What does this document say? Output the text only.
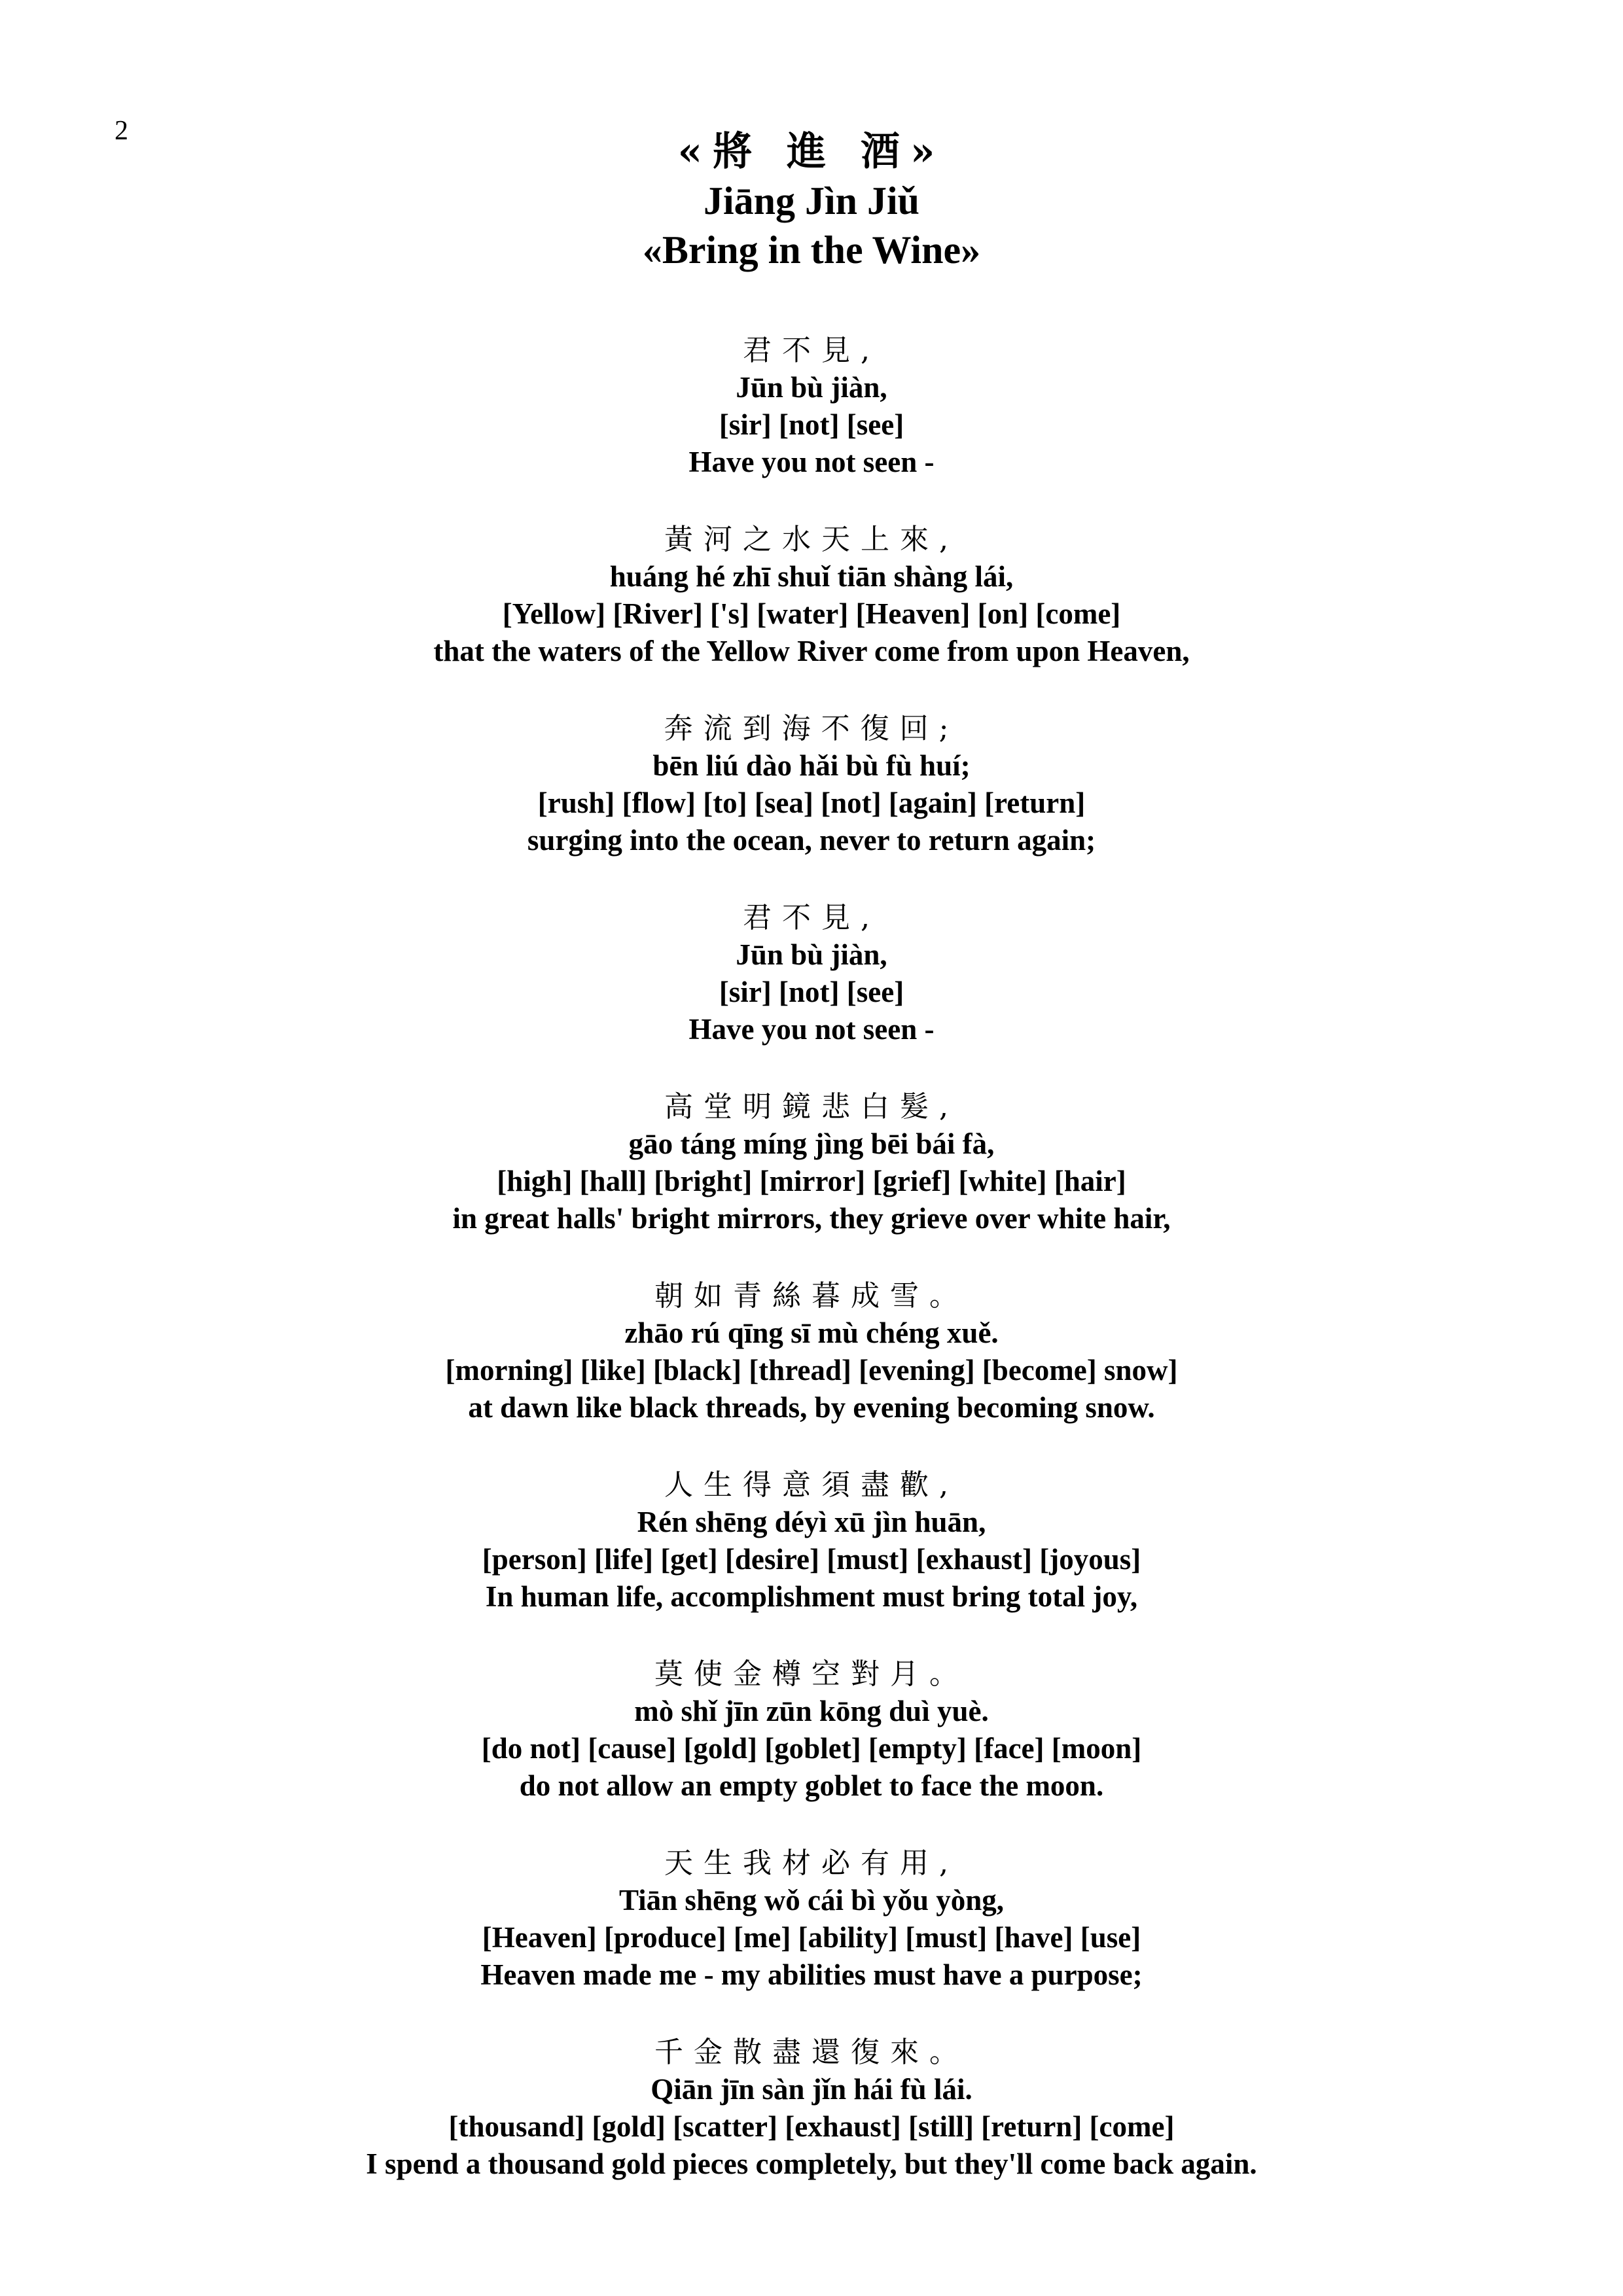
2	«將 進 酒»
Jiāng Jìn Jiǔ
«Bring in the Wine»
君不見,
Jūn bù jiàn,
[sir] [not] [see]
Have you not seen -
黃河之水天上來,
huáng hé zhī shuǐ tiān shàng lái,
[Yellow] [River] ['s] [water] [Heaven] [on] [come]
that the waters of the Yellow River come from upon Heaven,
奔流到海不復回;
bēn liú dào hǎi bù fù huí;
[rush] [flow] [to] [sea] [not] [again] [return]
surging into the ocean, never to return again;
君不見,
Jūn bù jiàn,
[sir] [not] [see]
Have you not seen -
高堂明鏡悲白髮,
gāo táng míng jìng bēi bái fà,
[high] [hall] [bright] [mirror] [grief] [white] [hair]
in great halls' bright mirrors, they grieve over white hair,
朝如青絲暮成雪。
zhāo rú qīng sī mù chéng xuě.
[morning] [like] [black] [thread] [evening] [become] snow]
at dawn like black threads, by evening becoming snow.
人生得意須盡歡,
Rén shēng déyì xū jìn huān,
[person] [life] [get] [desire] [must] [exhaust] [joyous]
In human life, accomplishment must bring total joy,
莫使金樽空對月。
mò shǐ jīn zūn kōng duì yuè.
[do not] [cause] [gold] [goblet] [empty] [face] [moon]
do not allow an empty goblet to face the moon.
天生我材必有用,
Tiān shēng wǒ cái bì yǒu yòng,
[Heaven] [produce] [me] [ability] [must] [have] [use]
Heaven made me - my abilities must have a purpose;
千金散盡還復來。
Qiān jīn sàn jǐn hái fù lái.
[thousand] [gold] [scatter] [exhaust] [still] [return] [come]
I spend a thousand gold pieces completely, but they'll come back again.
